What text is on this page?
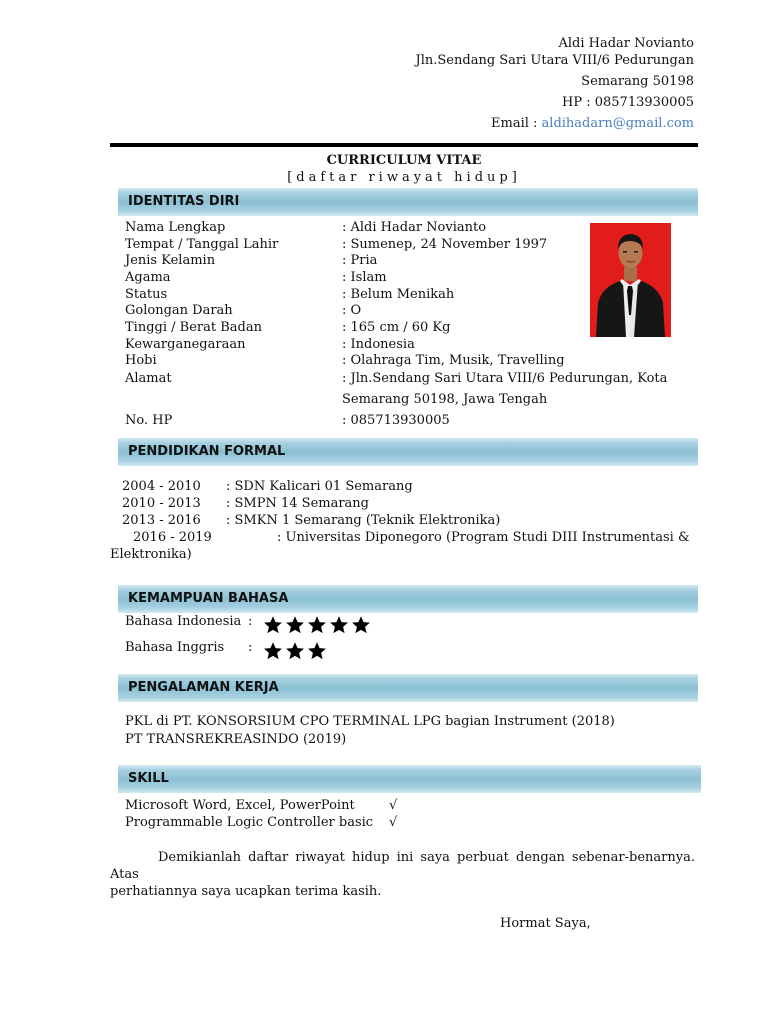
Aldi Hadar Novianto
Jln.Sendang Sari Utara VIII/6 Pedurungan
Semarang 50198
HP : 085713930005
Email : aldihadarn@gmail.com
CURRICULUM VITAE
[daftar riwayat hidup]
IDENTITAS DIRI
Nama Lengkap	: Aldi Hadar Novianto
Tempat / Tanggal Lahir	: Sumenep, 24 November 1997
Jenis Kelamin	: Pria
Agama	: Islam
Status	: Belum Menikah
Golongan Darah	: O
Tinggi / Berat Badan	: 165 cm / 60 Kg
Kewarganegaraan	: Indonesia
Hobi	: Olahraga Tim, Musik, Travelling
Alamat	: Jln.Sendang Sari Utara VIII/6 Pedurungan, Kota
Semarang 50198, Jawa Tengah
No. HP	: 085713930005
PENDIDIKAN FORMAL
2004 - 2010 : SDN Kalicari 01 Semarang
2010 - 2013 : SMPN 14 Semarang
2013 - 2016 : SMKN 1 Semarang (Teknik Elektronika)
2016 - 2019	: Universitas Diponegoro (Program Studi DIII Instrumentasi &
Elektronika)
KEMAMPUAN BAHASA
Bahasa Indonesia :
Bahasa Inggris :
PENGALAMAN KERJA
PKL di PT. KONSORSIUM CPO TERMINAL LPG bagian Instrument (2018)
PT TRANSREKREASINDO (2019)
SKILL
Microsoft Word, Excel, PowerPoint	√
Programmable Logic Controller basic √
Demikianlah daftar riwayat hidup ini saya perbuat dengan sebenar-benarnya. Atas
perhatiannya saya ucapkan terima kasih.
Hormat Saya,
